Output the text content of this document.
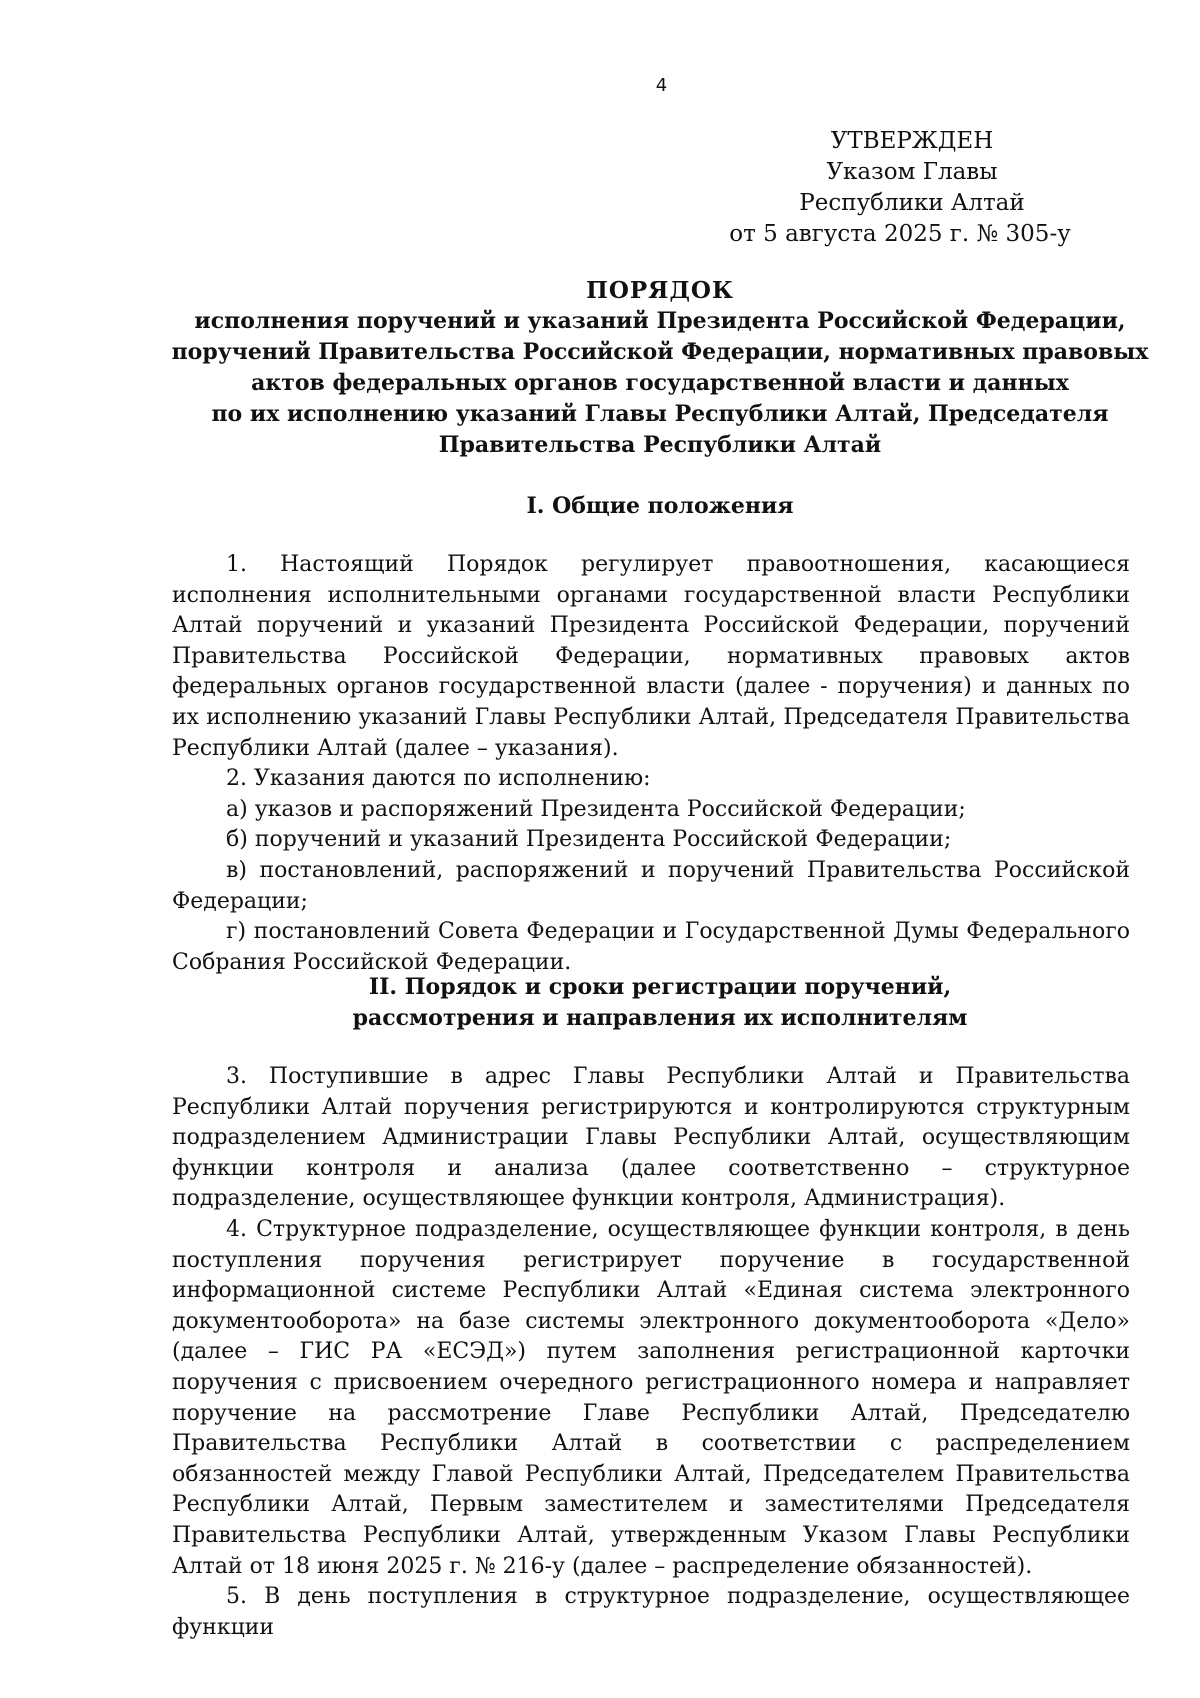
4
УТВЕРЖДЕН
Указом Главы
Республики Алтай
от 5 августа 2025 г. № 305-у
ПОРЯДОК
исполнения поручений и указаний Президента Российской Федерации,
поручений Правительства Российской Федерации, нормативных правовых
актов федеральных органов государственной власти и данных
по их исполнению указаний Главы Республики Алтай, Председателя
Правительства Республики Алтай
I. Общие положения

1. Настоящий Порядок регулирует правоотношения, касающиеся исполнения исполнительными органами государственной власти Республики Алтай поручений и указаний Президента Российской Федерации, поручений Правительства Российской Федерации, нормативных правовых актов федеральных органов государственной власти (далее - поручения) и данных по их исполнению указаний Главы Республики Алтай, Председателя Правительства Республики Алтай (далее – указания).

2. Указания даются по исполнению:

а) указов и распоряжений Президента Российской Федерации;

б) поручений и указаний Президента Российской Федерации;

в) постановлений, распоряжений и поручений Правительства Российской Федерации;

г) постановлений Совета Федерации и Государственной Думы Федерального Собрания Российской Федерации.

II. Порядок и сроки регистрации поручений,
рассмотрения и направления их исполнителям

3. Поступившие в адрес Главы Республики Алтай и Правительства Республики Алтай поручения регистрируются и контролируются структурным подразделением Администрации Главы Республики Алтай, осуществляющим функции контроля и анализа (далее соответственно – структурное подразделение, осуществляющее функции контроля, Администрация).

4. Структурное подразделение, осуществляющее функции контроля, в день поступления поручения регистрирует поручение в государственной информационной системе Республики Алтай «Единая система электронного документооборота» на базе системы электронного документооборота «Дело» (далее – ГИС РА «ЕСЭД») путем заполнения регистрационной карточки поручения с присвоением очередного регистрационного номера и направляет поручение на рассмотрение Главе Республики Алтай, Председателю Правительства Республики Алтай в соответствии с распределением обязанностей между Главой Республики Алтай, Председателем Правительства Республики Алтай, Первым заместителем и заместителями Председателя Правительства Республики Алтай, утвержденным Указом Главы Республики Алтай от 18 июня 2025 г. № 216-у (далее – распределение обязанностей).

5. В день поступления в структурное подразделение, осуществляющее функции
